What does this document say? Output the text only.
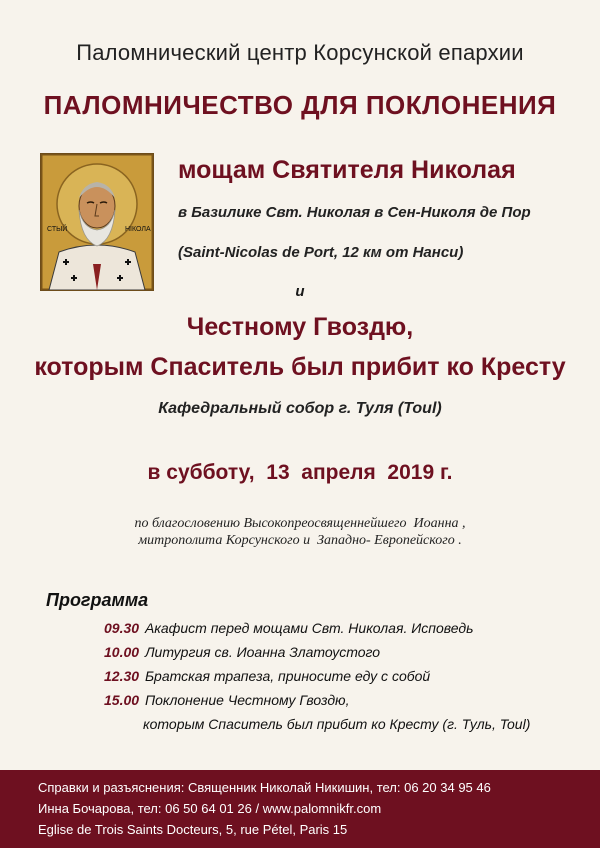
Паломнический центр Корсунской епархии
ПАЛОМНИЧЕСТВО ДЛЯ ПОКЛОНЕНИЯ
СТЫЙ	НІКОЛА
мощам Святителя Николая
в Базилике Свт. Николая в Сен-Николя де Пор
(Saint-Nicolas de Port, 12 км от Нанси)
и
Честному Гвоздю,
которым Спаситель был прибит ко Кресту
Кафедральный собор г. Туля (Toul)
в субботу,  13  апреля  2019 г.
по благословению Высокопреосвященнейшего  Иоанна ,
митрополита Корсунского и  Западно- Европейского .
Программа
09.30 Акафист перед мощами Свт. Николая. Исповедь
10.00 Литургия св. Иоанна Златоустого
12.30 Братская трапеза, приносите еду с собой
15.00 Поклонение Честному Гвоздю,
которым Спаситель был прибит ко Кресту (г. Туль, Toul)
Справки и разъяснения: Священник Николай Никишин, тел: 06 20 34 95 46
Инна Бочарова, тел: 06 50 64 01 26 / www.palomnikfr.com
Eglise de Trois Saints Docteurs, 5, rue Pétel, Paris 15
